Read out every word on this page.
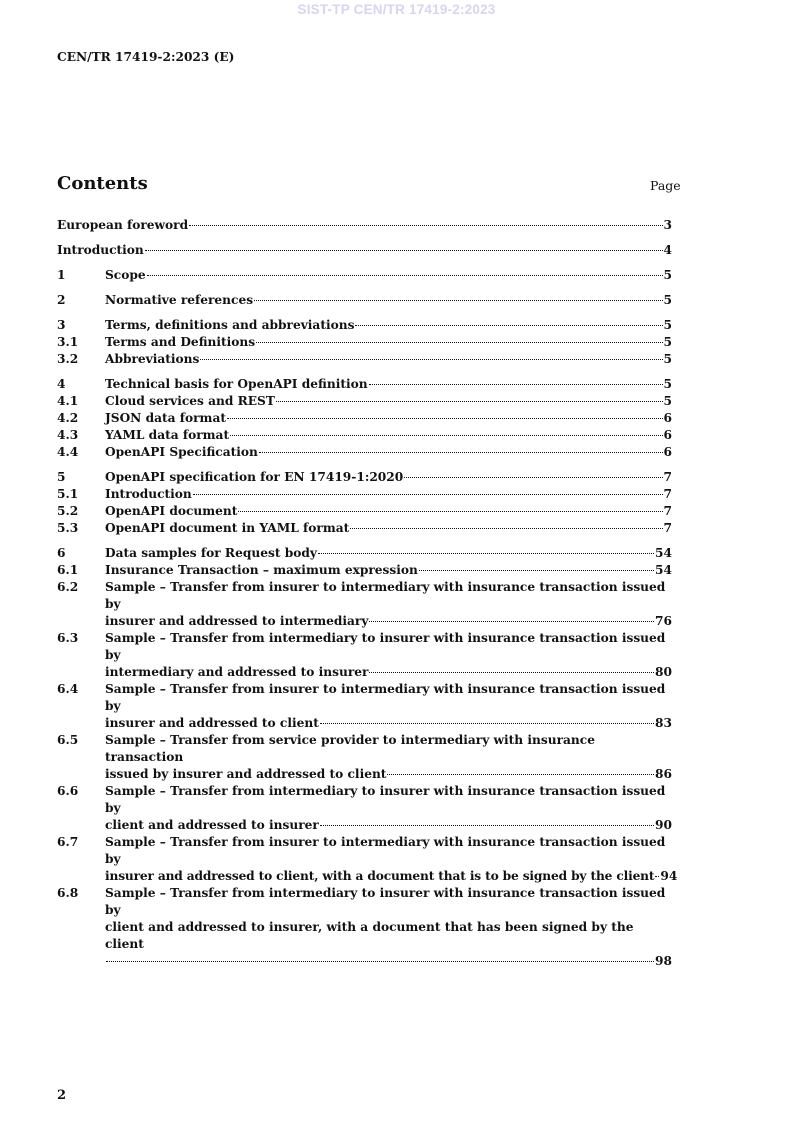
SIST-TP CEN/TR 17419-2:2023
CEN/TR 17419-2:2023 (E)
Contents	Page
European foreword	3
Introduction	4
1	Scope	5
2	Normative references	5
3	Terms, definitions and abbreviations	5
3.1 Terms and Definitions	5
3.2 Abbreviations	5
4	Technical basis for OpenAPI definition	5
4.1 Cloud services and REST	5
4.2 JSON data format	6
4.3 YAML data format	6
4.4 OpenAPI Specification	6
5	OpenAPI specification for EN 17419-1:2020	7
5.1 Introduction	7
5.2 OpenAPI document	7
5.3 OpenAPI document in YAML format	7
6	Data samples for Request body	54
6.1 Insurance Transaction – maximum expression	54
6.2 Sample – Transfer from insurer to intermediary with insurance transaction issued by
insurer and addressed to intermediary	76
6.3 Sample – Transfer from intermediary to insurer with insurance transaction issued by
intermediary and addressed to insurer	80
6.4 Sample – Transfer from insurer to intermediary with insurance transaction issued by
insurer and addressed to client	83
6.5 Sample – Transfer from service provider to intermediary with insurance transaction
issued by insurer and addressed to client	86
6.6 Sample – Transfer from intermediary to insurer with insurance transaction issued by
client and addressed to insurer	90
6.7 Sample – Transfer from insurer to intermediary with insurance transaction issued by
insurer and addressed to client, with a document that is to be signed by the client 94
6.8 Sample – Transfer from intermediary to insurer with insurance transaction issued by
client and addressed to insurer, with a document that has been signed by the client
98
2
